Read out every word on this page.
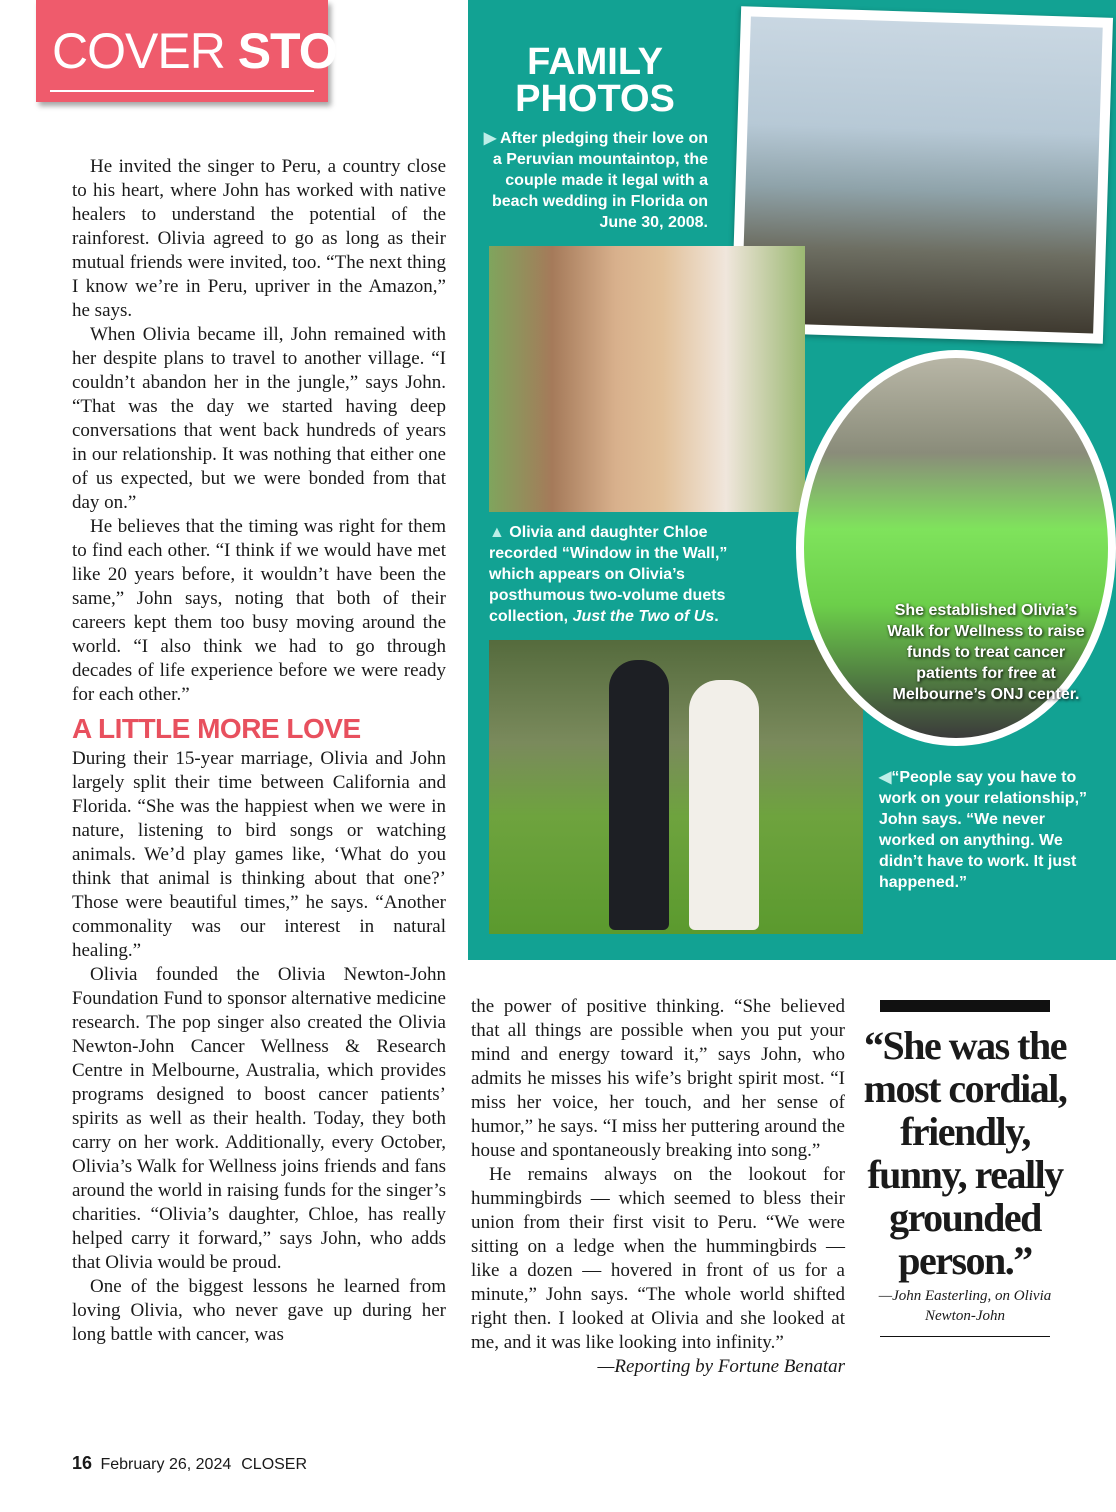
COVER STORY

He invited the singer to Peru, a country close to his heart, where John has worked with native healers to understand the potential of the rainforest. Olivia agreed to go as long as their mutual friends were invited, too. “The next thing I know we’re in Peru, upriver in the Amazon,” he says.

When Olivia became ill, John remained with her despite plans to travel to another village. “I couldn’t abandon her in the jungle,” says John. “That was the day we started having deep conversations that went back hundreds of years in our relationship. It was nothing that either one of us expected, but we were bonded from that day on.”

He believes that the timing was right for them to find each other. “I think if we would have met like 20 years before, it wouldn’t have been the same,” John says, noting that both of their careers kept them too busy moving around the world. “I also think we had to go through decades of life experience before we were ready for each other.”

A LITTLE MORE LOVE

During their 15-year marriage, Olivia and John largely split their time between California and Florida. “She was the happiest when we were in nature, listening to bird songs or watching animals. We’d play games like, ‘What do you think that animal is thinking about that one?’ Those were beautiful times,” he says. “Another commonality was our interest in natural healing.”

Olivia founded the Olivia Newton-John Foundation Fund to sponsor alternative medicine research. The pop singer also created the Olivia Newton-John Cancer Wellness & Research Centre in Melbourne, Australia, which provides programs designed to boost cancer patients’ spirits as well as their health. Today, they both carry on her work. Additionally, every October, Olivia’s Walk for Wellness joins friends and fans around the world in raising funds for the singer’s charities. “Olivia’s daughter, Chloe, has really helped carry it forward,” says John, who adds that Olivia would be proud.

One of the biggest lessons he learned from loving Olivia, who never gave up during her long battle with cancer, was

FAMILY
PHOTOS
▶ After pledging their love on a Peruvian mountaintop, the couple made it legal with a beach wedding in Florida on June 30, 2008.
▲ Olivia and daughter Chloe recorded “Window in the Wall,” which appears on Olivia’s posthumous two-volume duets collection, Just the Two of Us.	She established Olivia’s Walk for Wellness to raise funds to treat cancer patients for free at Melbourne’s ONJ center.
◀“People say you have to work on your relationship,” John says. “We never worked on anything. We didn’t have to work. It just happened.”

the power of positive thinking. “She believed that all things are possible when you put your mind and energy toward it,” says John, who admits he misses his wife’s bright spirit most. “I miss her voice, her touch, and her sense of humor,” he says. “I miss her puttering around the house and spontaneously breaking into song.”

He remains always on the lookout for hummingbirds — which seemed to bless their union from their first visit to Peru. “We were sitting on a ledge when the hummingbirds — like a dozen — hovered in front of us for a minute,” John says. “The whole world shifted right then. I looked at Olivia and she looked at me, and it was like looking into infinity.”

—Reporting by Fortune Benatar
“She was the most cordial, friendly, funny, really grounded person.”
—John Easterling, on Olivia Newton-John
16 February 26, 2024 CLOSER
